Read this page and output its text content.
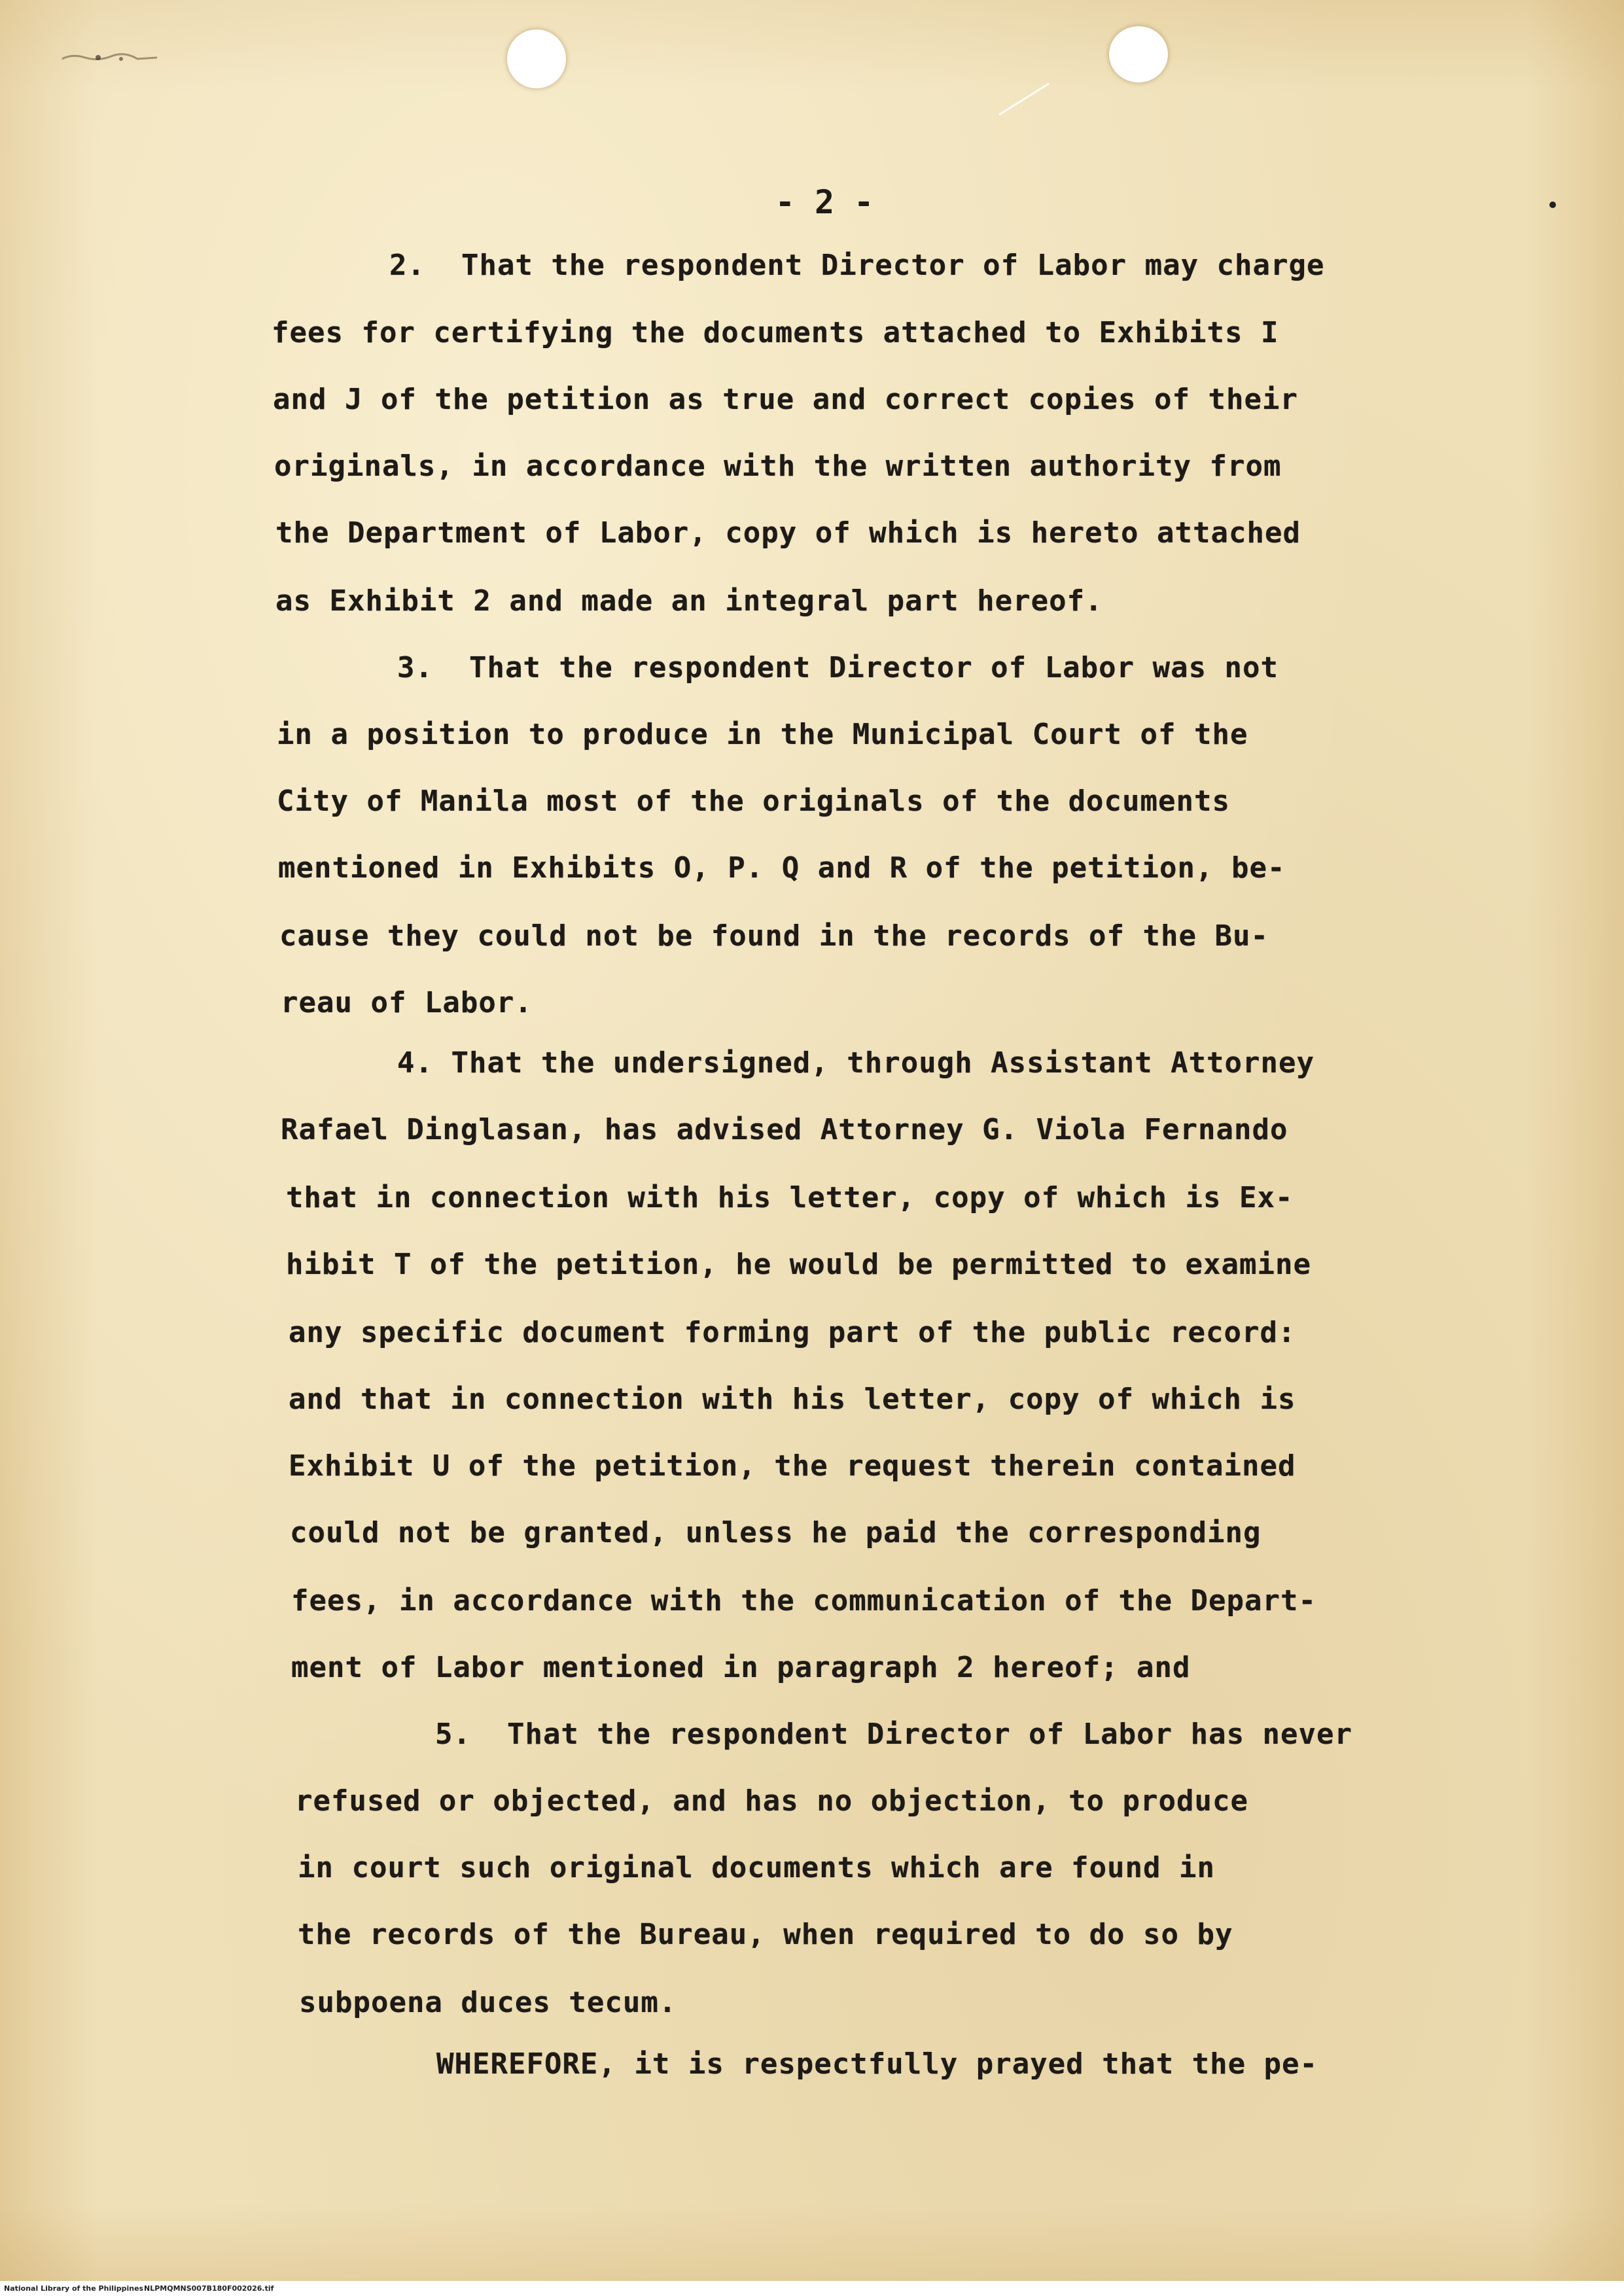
- 2 -
2.  That the respondent Director of Labor may charge
fees for certifying the documents attached to Exhibits I
and J of the petition as true and correct copies of their
originals, in accordance with the written authority from
the Department of Labor, copy of which is hereto attached
as Exhibit 2 and made an integral part hereof.
3.  That the respondent Director of Labor was not
in a position to produce in the Municipal Court of the
City of Manila most of the originals of the documents
mentioned in Exhibits O, P. Q and R of the petition, be-
cause they could not be found in the records of the Bu-
reau of Labor.
4. That the undersigned, through Assistant Attorney
Rafael Dinglasan, has advised Attorney G. Viola Fernando
that in connection with his letter, copy of which is Ex-
hibit T of the petition, he would be permitted to examine
any specific document forming part of the public record:
and that in connection with his letter, copy of which is
Exhibit U of the petition, the request therein contained
could not be granted, unless he paid the corresponding
fees, in accordance with the communication of the Depart-
ment of Labor mentioned in paragraph 2 hereof; and
5.  That the respondent Director of Labor has never
refused or objected, and has no objection, to produce
in court such original documents which are found in
the records of the Bureau, when required to do so by
subpoena duces tecum.
WHEREFORE, it is respectfully prayed that the pe-
National Library of the Philippines NLPMQMNS007B180F002026.tif
